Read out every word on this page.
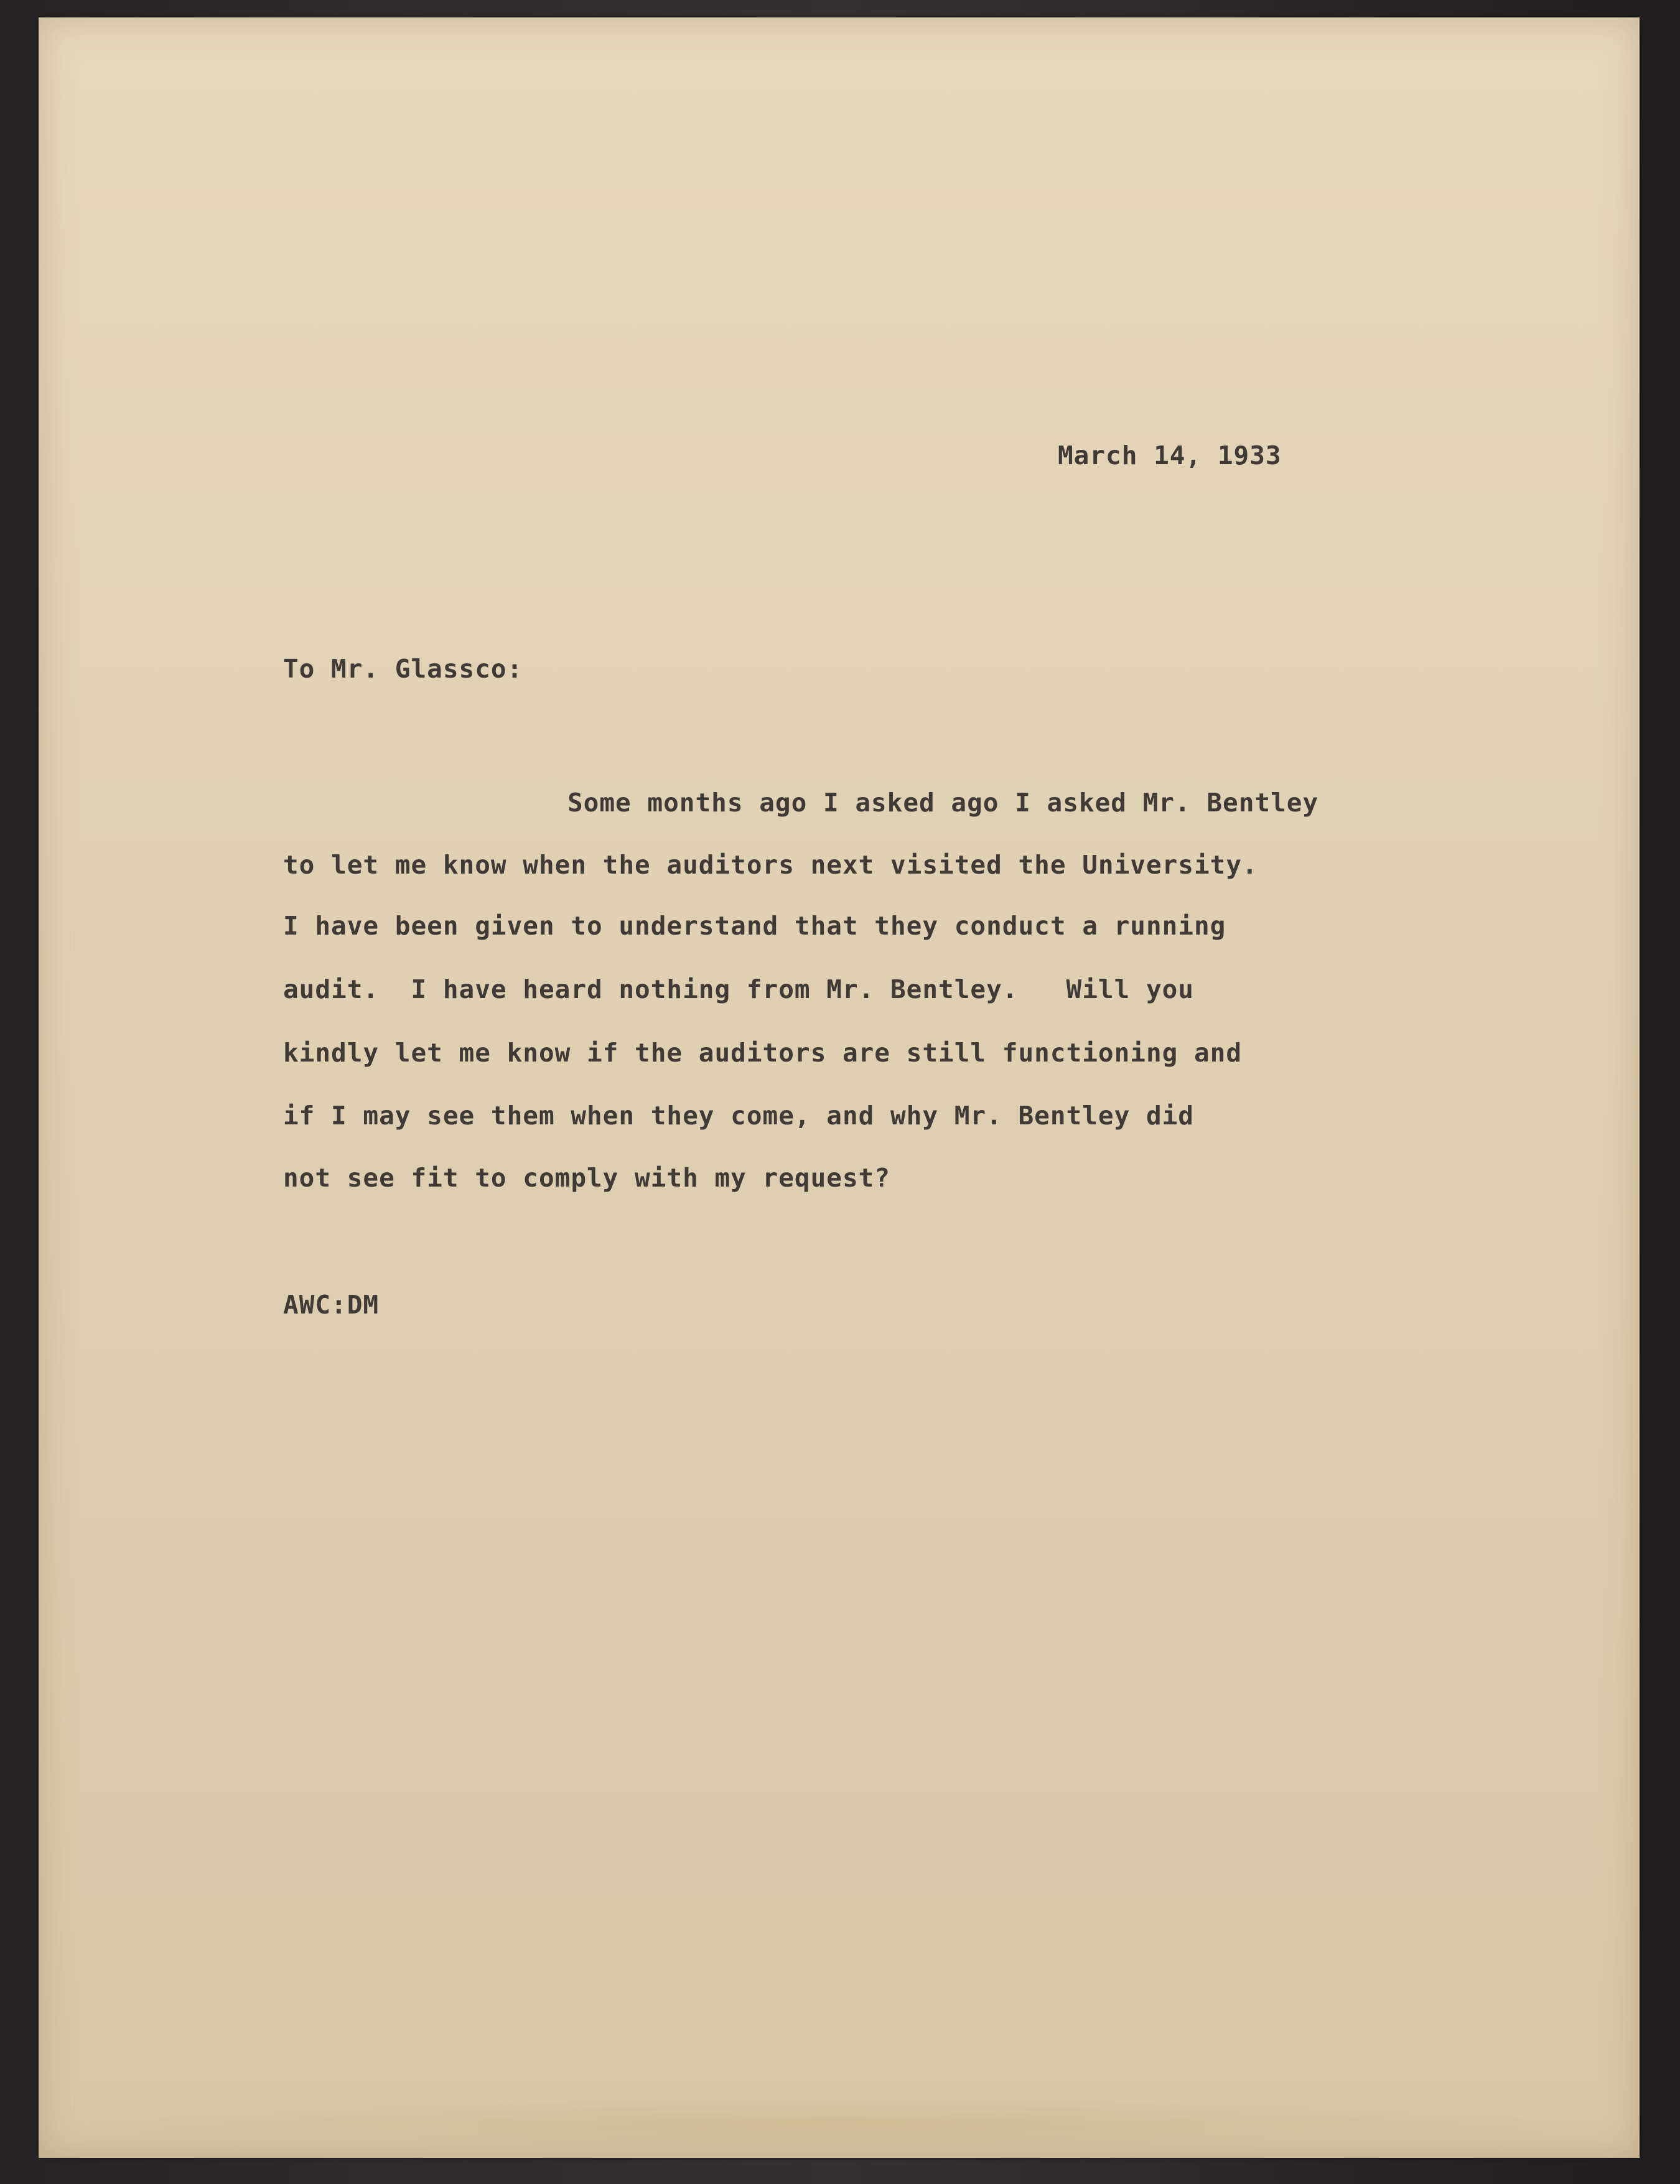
March 14, 1933
To Mr. Glassco:
Some months ago I asked ago I asked Mr. Bentley
to let me know when the auditors next visited the University.
I have been given to understand that they conduct a running
audit.  I have heard nothing from Mr. Bentley.   Will you
kindly let me know if the auditors are still functioning and
if I may see them when they come, and why Mr. Bentley did
not see fit to comply with my request?
AWC:DM
